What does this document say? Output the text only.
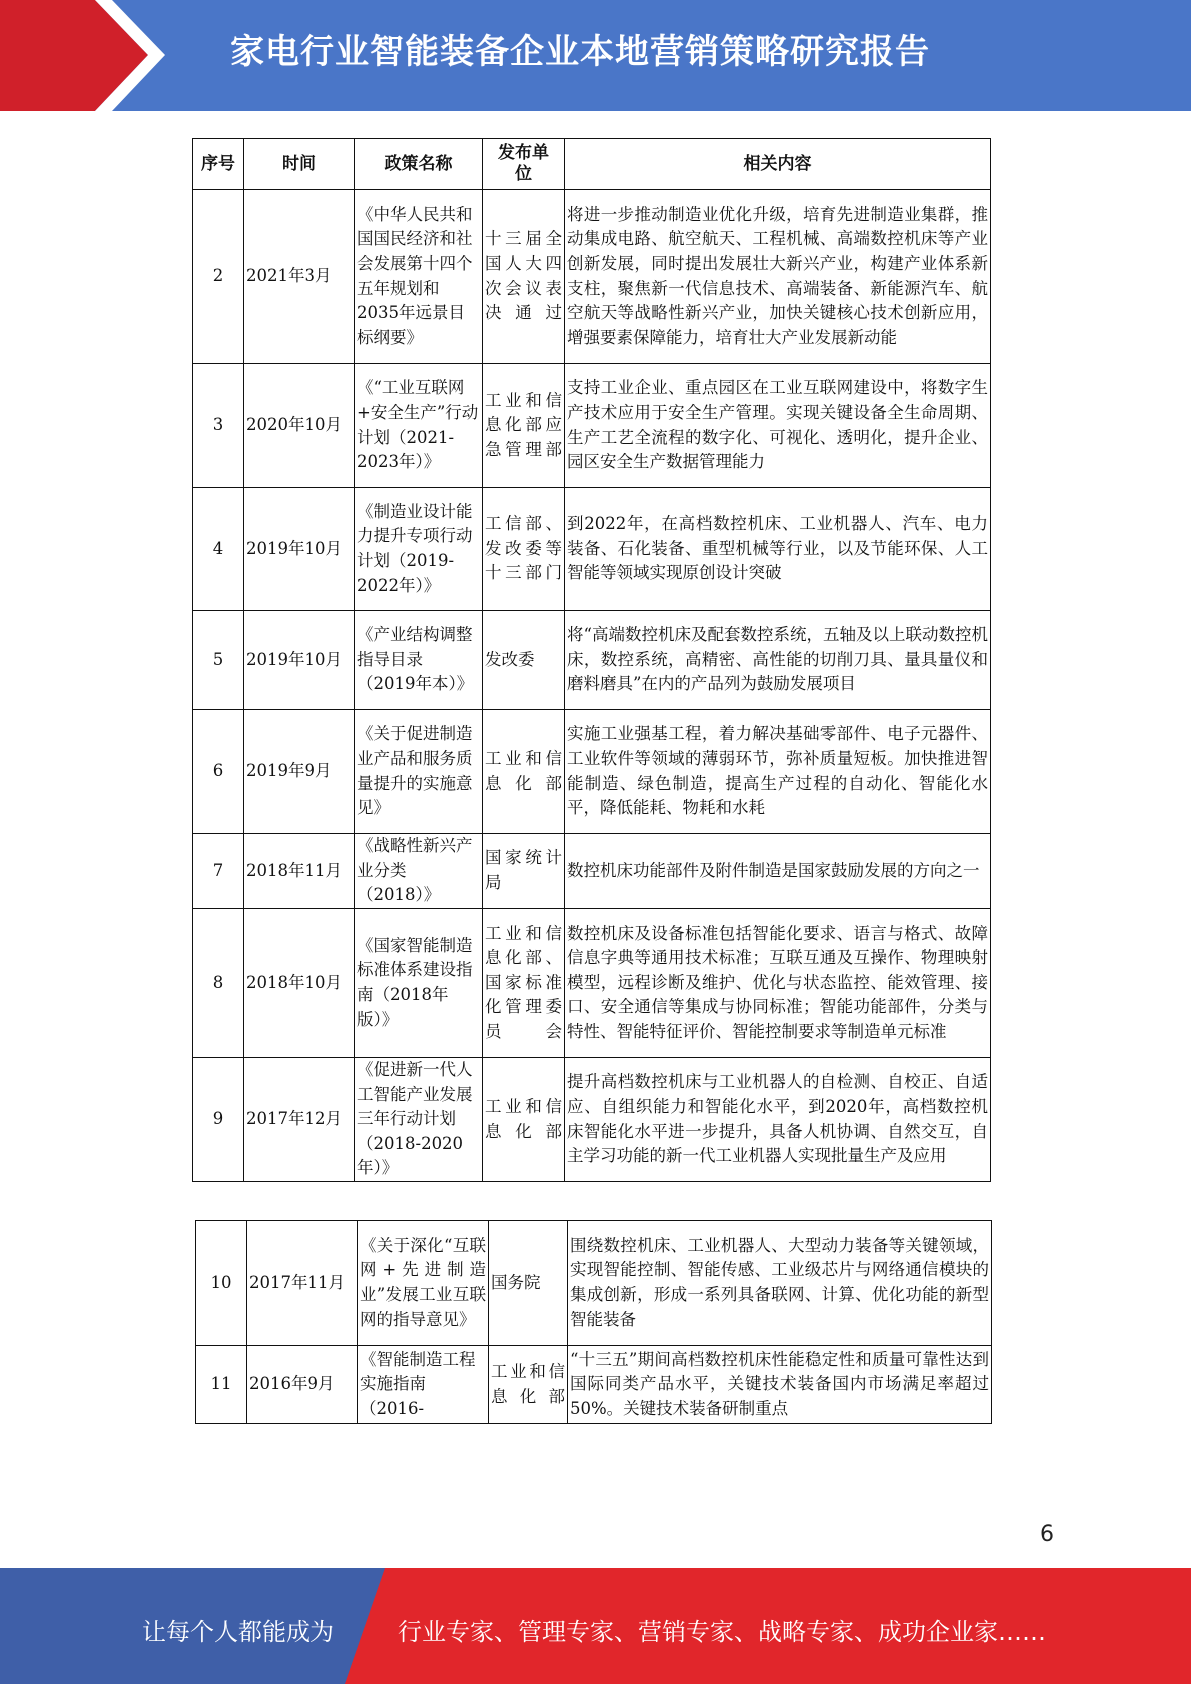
家电行业智能装备企业本地营销策略研究报告
序号	时间	政策名称	发布单位	相关内容
2	2021年3月	《中华人民共和国国民经济和社会发展第十四个五年规划和2035年远景目标纲要》	十三届全国人大四次会议表决通过	将进一步推动制造业优化升级，培育先进制造业集群，推动集成电路、航空航天、工程机械、高端数控机床等产业创新发展，同时提出发展壮大新兴产业，构建产业体系新支柱，聚焦新一代信息技术、高端装备、新能源汽车、航空航天等战略性新兴产业，加快关键核心技术创新应用，增强要素保障能力，培育壮大产业发展新动能
3	2020年10月	《“工业互联网+安全生产”行动计划（2021-2023年）》	工业和信息化部应急管理部	支持工业企业、重点园区在工业互联网建设中，将数字生产技术应用于安全生产管理。实现关键设备全生命周期、生产工艺全流程的数字化、可视化、透明化，提升企业、园区安全生产数据管理能力
4	2019年10月	《制造业设计能力提升专项行动计划（2019- 2022年）》	工信部、发改委等十三部门	到2022年，在高档数控机床、工业机器人、汽车、电力装备、石化装备、重型机械等行业，以及节能环保、人工智能等领域实现原创设计突破
5	2019年10月	《产业结构调整指导目录（2019年本）》	发改委	将“高端数控机床及配套数控系统，五轴及以上联动数控机床，数控系统，高精密、高性能的切削刀具、量具量仪和磨料磨具”在内的产品列为鼓励发展项目
6	2019年9月	《关于促进制造业产品和服务质量提升的实施意见》	工业和信息化部	实施工业强基工程，着力解决基础零部件、电子元器件、工业软件等领域的薄弱环节，弥补质量短板。加快推进智能制造、绿色制造，提高生产过程的自动化、智能化水平，降低能耗、物耗和水耗
7	2018年11月	《战略性新兴产业分类（2018）》	国家统计局	数控机床功能部件及附件制造是国家鼓励发展的方向之一
8	2018年10月	《国家智能制造标准体系建设指南（2018年版）》	工业和信息化部、国家标准化管理委员会	数控机床及设备标准包括智能化要求、语言与格式、故障信息字典等通用技术标准；互联互通及互操作、物理映射模型，远程诊断及维护、优化与状态监控、能效管理、接口、安全通信等集成与协同标准；智能功能部件，分类与特性、智能特征评价、智能控制要求等制造单元标准
9	2017年12月	《促进新一代人工智能产业发展三年行动计划（2018-2020年）》	工业和信息化部	提升高档数控机床与工业机器人的自检测、自校正、自适应、自组织能力和智能化水平，到2020年，高档数控机床智能化水平进一步提升，具备人机协调、自然交互，自主学习功能的新一代工业机器人实现批量生产及应用
10	2017年11月	《关于深化“互联网+先进制造业”发展工业互联网的指导意见》	国务院	围绕数控机床、工业机器人、大型动力装备等关键领域，实现智能控制、智能传感、工业级芯片与网络通信模块的集成创新，形成一系列具备联网、计算、优化功能的新型智能装备
11	2016年9月	《智能制造工程实施指南（2016-	工业和信息化部	“十三五”期间高档数控机床性能稳定性和质量可靠性达到国际同类产品水平，关键技术装备国内市场满足率超过 50%。关键技术装备研制重点
6
让每个人都能成为	行业专家、管理专家、营销专家、战略专家、成功企业家……
